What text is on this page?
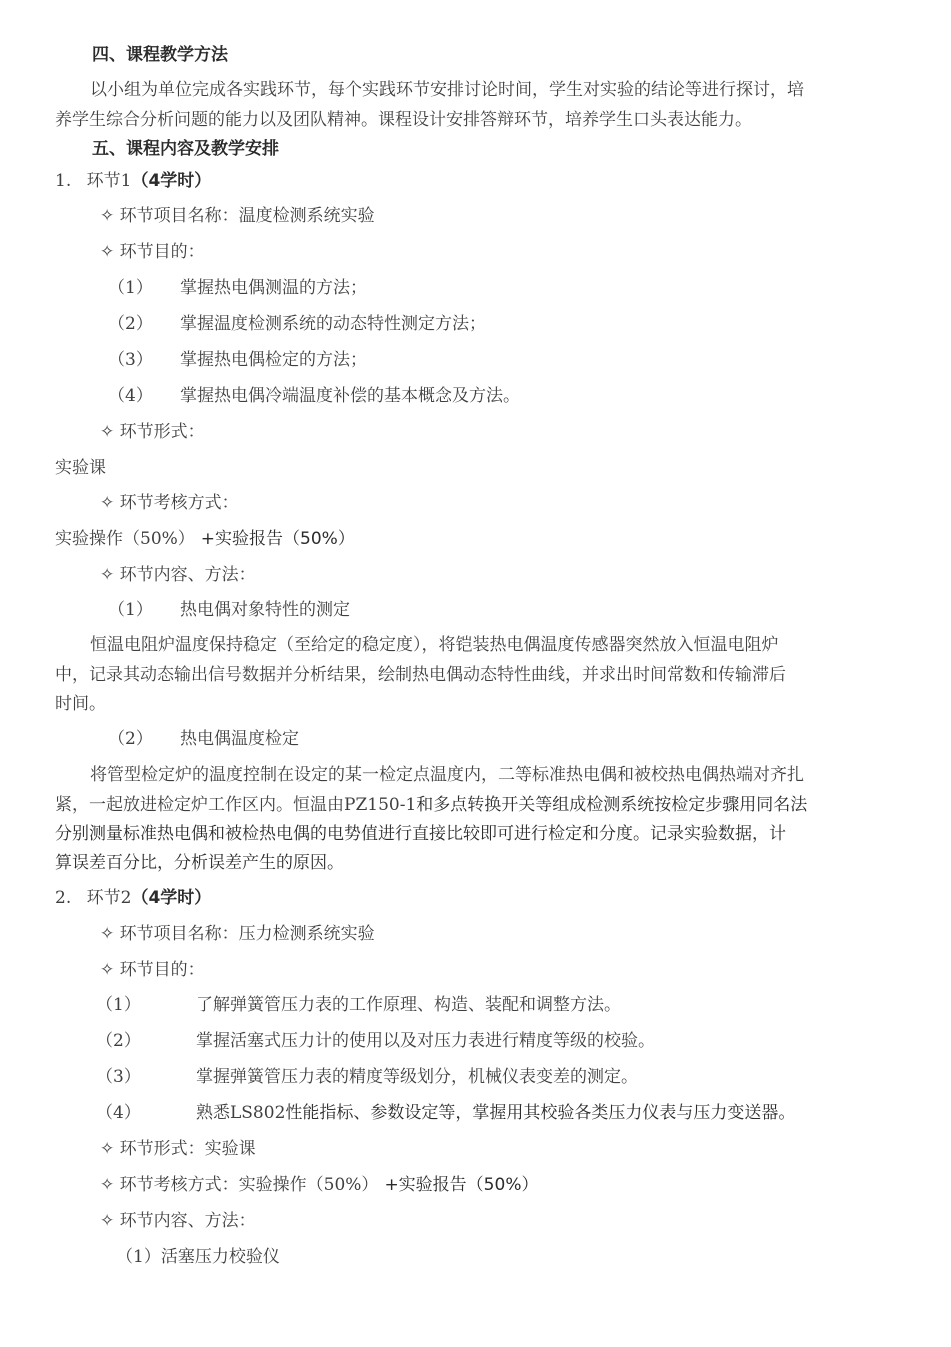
四、课程教学方法
以小组为单位完成各实践环节，每个实践环节安排讨论时间，学生对实验的结论等进行探讨，培
养学生综合分析问题的能力以及团队精神。课程设计安排答辩环节，培养学生口头表达能力。
五、课程内容及教学安排
1. 环节1（4学时）
✧ 环节项目名称：温度检测系统实验
✧ 环节目的：
（1） 掌握热电偶测温的方法；
（2） 掌握温度检测系统的动态特性测定方法；
（3） 掌握热电偶检定的方法；
（4） 掌握热电偶冷端温度补偿的基本概念及方法。
✧ 环节形式：
实验课
✧ 环节考核方式：
实验操作（50%） +实验报告（50%）
✧ 环节内容、方法：
（1） 热电偶对象特性的测定
恒温电阻炉温度保持稳定（至给定的稳定度），将铠装热电偶温度传感器突然放入恒温电阻炉
中，记录其动态输出信号数据并分析结果，绘制热电偶动态特性曲线，并求出时间常数和传输滞后
时间。
（2） 热电偶温度检定
将管型检定炉的温度控制在设定的某一检定点温度内，二等标准热电偶和被校热电偶热端对齐扎
紧，一起放进检定炉工作区内。恒温由PZ150-1和多点转换开关等组成检测系统按检定步骤用同名法
分别测量标准热电偶和被检热电偶的电势值进行直接比较即可进行检定和分度。记录实验数据，计
算误差百分比，分析误差产生的原因。
2. 环节2（4学时）
✧ 环节项目名称：压力检测系统实验
✧ 环节目的：
（1）	了解弹簧管压力表的工作原理、构造、装配和调整方法。
（2）	掌握活塞式压力计的使用以及对压力表进行精度等级的校验。
（3）	掌握弹簧管压力表的精度等级划分，机械仪表变差的测定。
（4）	熟悉LS802性能指标、参数设定等，掌握用其校验各类压力仪表与压力变送器。
✧ 环节形式：实验课
✧ 环节考核方式：实验操作（50%） +实验报告（50%）
✧ 环节内容、方法：
（1）活塞压力校验仪
